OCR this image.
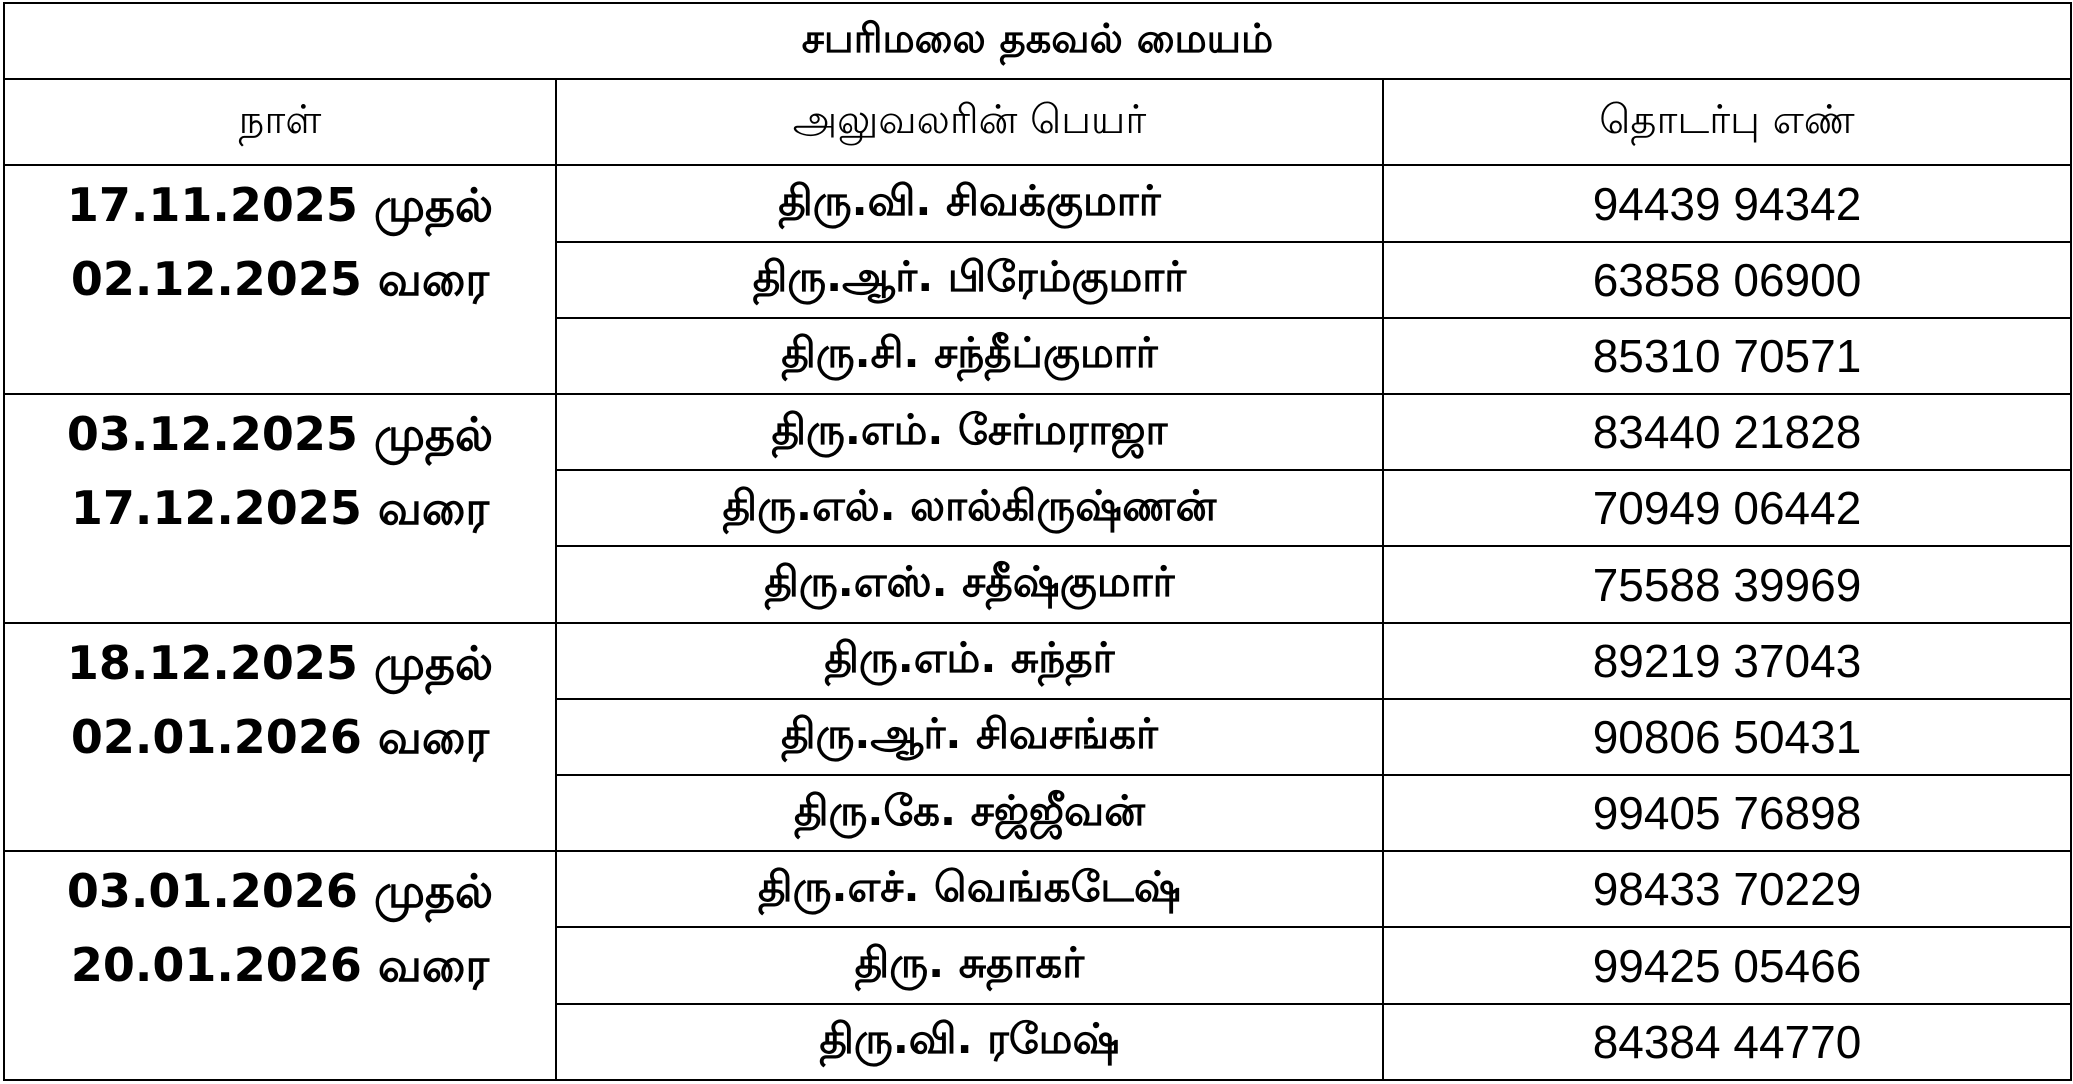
சபரிமலை தகவல் மையம்		
நாள்	அலுவலரின் பெயர்	தொடர்பு எண்

17.11.2025 முதல்
02.12.2025 வரை	திரு.வி. சிவக்குமார்	94439 94342
	திரு.ஆர். பிரேம்குமார்	63858 06900
	திரு.சி. சந்தீப்குமார்	85310 70571

03.12.2025 முதல்
17.12.2025 வரை	திரு.எம். சேர்மராஜா	83440 21828
	திரு.எல். லால்கிருஷ்ணன்	70949 06442
	திரு.எஸ். சதீஷ்குமார்	75588 39969

18.12.2025 முதல்
02.01.2026 வரை	திரு.எம். சுந்தர்	89219 37043
	திரு.ஆர். சிவசங்கர்	90806 50431
	திரு.கே. சஜ்ஜீவன்	99405 76898

03.01.2026 முதல்
20.01.2026 வரை	திரு.எச். வெங்கடேஷ்	98433 70229
	திரு. சுதாகர்	99425 05466
	திரு.வி. ரமேஷ்	84384 44770
